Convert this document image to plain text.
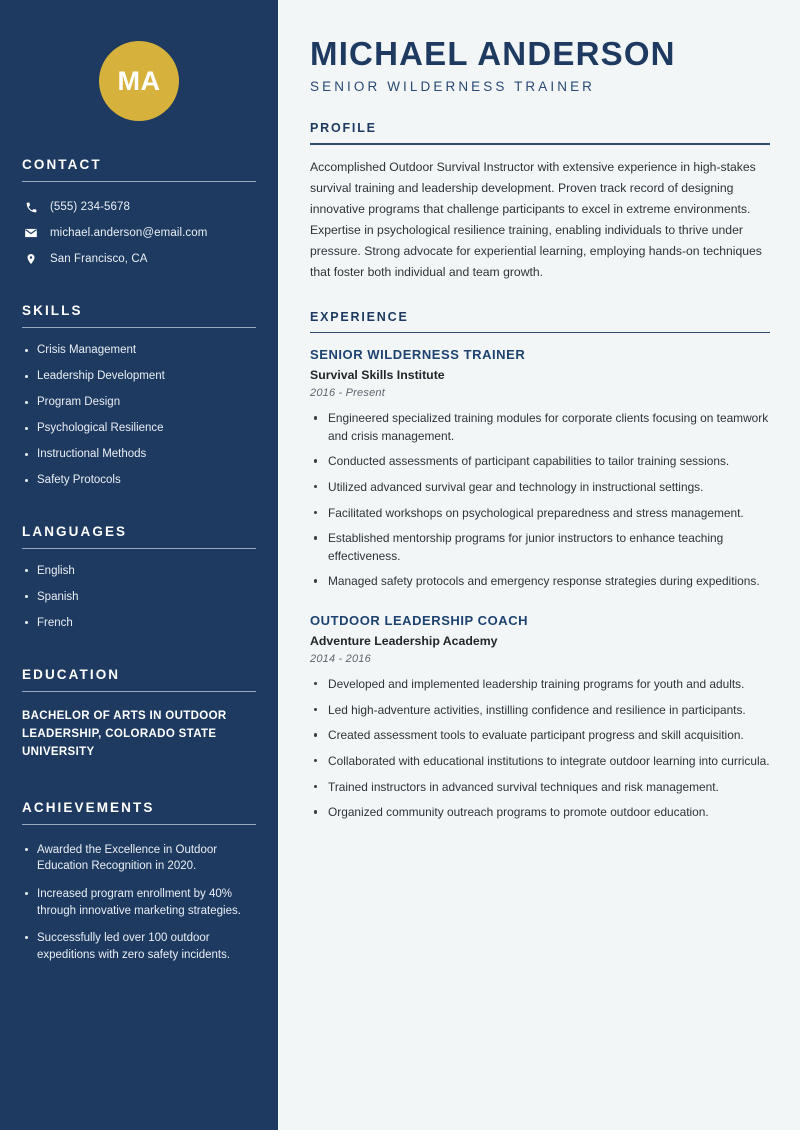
MA
CONTACT
(555) 234-5678
michael.anderson@email.com
San Francisco, CA
SKILLS
Crisis Management
Leadership Development
Program Design
Psychological Resilience
Instructional Methods
Safety Protocols
LANGUAGES
English
Spanish
French
EDUCATION
BACHELOR OF ARTS IN OUTDOOR LEADERSHIP, COLORADO STATE UNIVERSITY
ACHIEVEMENTS
Awarded the Excellence in Outdoor Education Recognition in 2020.
Increased program enrollment by 40% through innovative marketing strategies.
Successfully led over 100 outdoor expeditions with zero safety incidents.
MICHAEL ANDERSON
SENIOR WILDERNESS TRAINER
PROFILE

Accomplished Outdoor Survival Instructor with extensive experience in high-stakes survival training and leadership development. Proven track record of designing innovative programs that challenge participants to excel in extreme environments. Expertise in psychological resilience training, enabling individuals to thrive under pressure. Strong advocate for experiential learning, employing hands-on techniques that foster both individual and team growth.

EXPERIENCE
SENIOR WILDERNESS TRAINER
Survival Skills Institute
2016 - Present
Engineered specialized training modules for corporate clients focusing on teamwork and crisis management.
Conducted assessments of participant capabilities to tailor training sessions.
Utilized advanced survival gear and technology in instructional settings.
Facilitated workshops on psychological preparedness and stress management.
Established mentorship programs for junior instructors to enhance teaching effectiveness.
Managed safety protocols and emergency response strategies during expeditions.
OUTDOOR LEADERSHIP COACH
Adventure Leadership Academy
2014 - 2016
Developed and implemented leadership training programs for youth and adults.
Led high-adventure activities, instilling confidence and resilience in participants.
Created assessment tools to evaluate participant progress and skill acquisition.
Collaborated with educational institutions to integrate outdoor learning into curricula.
Trained instructors in advanced survival techniques and risk management.
Organized community outreach programs to promote outdoor education.
